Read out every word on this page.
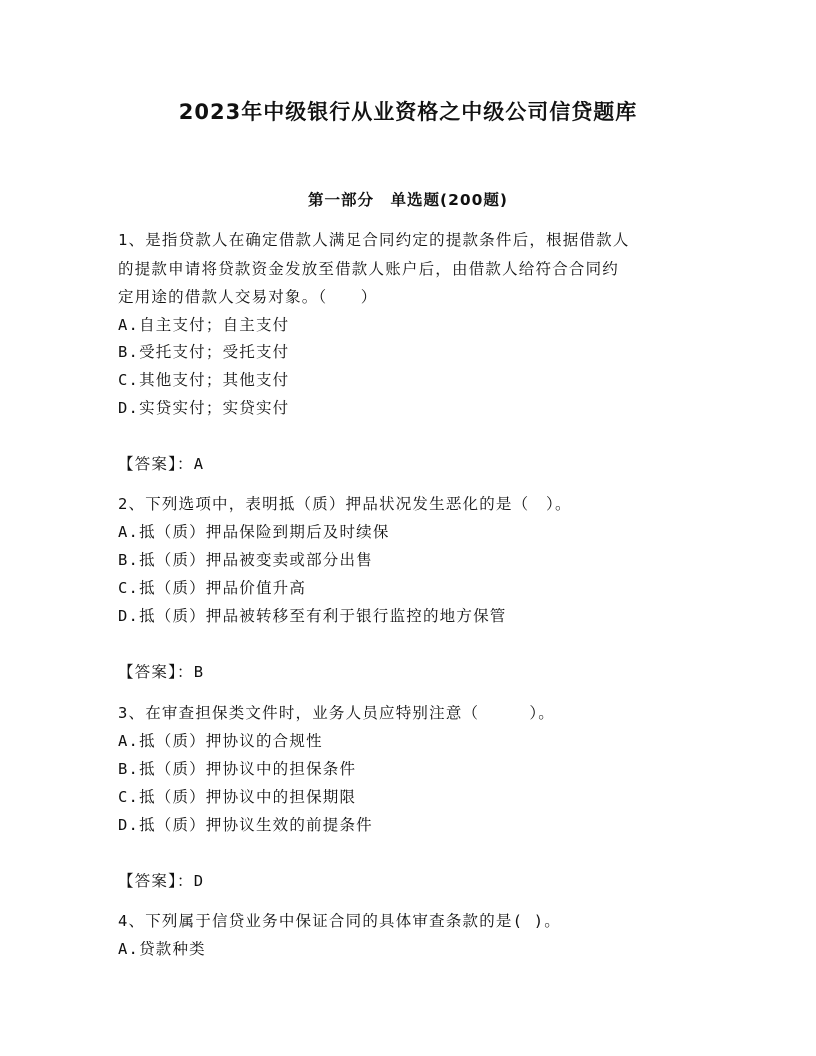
2023年中级银行从业资格之中级公司信贷题库
第一部分　单选题(200题)
1、是指贷款人在确定借款人满足合同约定的提款条件后，根据借款人
的提款申请将贷款资金发放至借款人账户后，由借款人给符合合同约
定用途的借款人交易对象。（　　）
A.自主支付；自主支付
B.受托支付；受托支付
C.其他支付；其他支付
D.实贷实付；实贷实付
【答案】：A
2、下列选项中，表明抵（质）押品状况发生恶化的是（　）。
A.抵（质）押品保险到期后及时续保
B.抵（质）押品被变卖或部分出售
C.抵（质）押品价值升高
D.抵（质）押品被转移至有利于银行监控的地方保管
【答案】：B
3、在审查担保类文件时，业务人员应特别注意（　　　）。
A.抵（质）押协议的合规性
B.抵（质）押协议中的担保条件
C.抵（质）押协议中的担保期限
D.抵（质）押协议生效的前提条件
【答案】：D
4、下列属于信贷业务中保证合同的具体审查条款的是( )。
A.贷款种类
